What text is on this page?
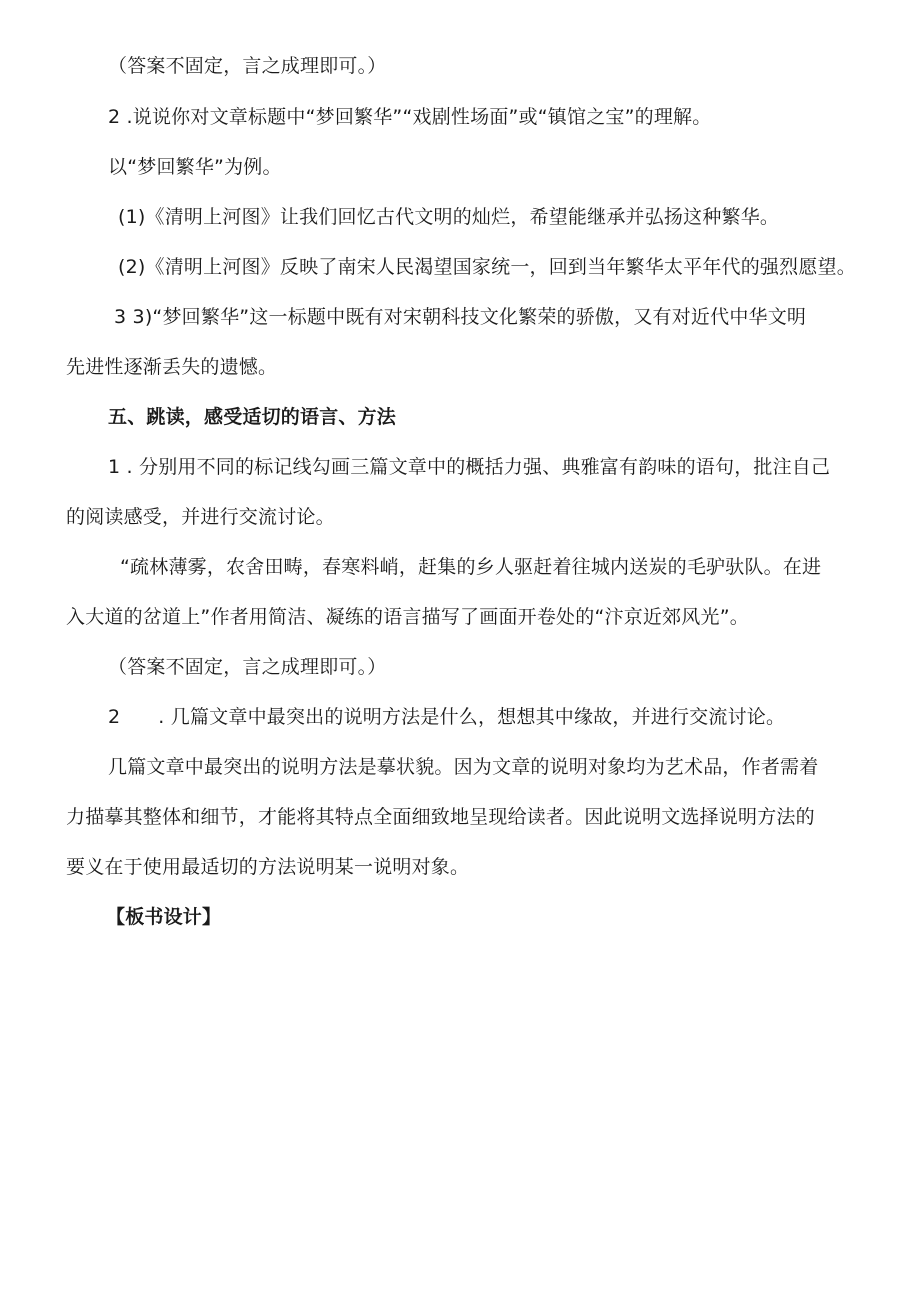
（答案不固定，言之成理即可。）
2 .说说你对文章标题中“梦回繁华”“戏剧性场面”或“镇馆之宝”的理解。
以“梦回繁华”为例。
(1)《清明上河图》让我们回忆古代文明的灿烂，希望能继承并弘扬这种繁华。
(2)《清明上河图》反映了南宋人民渴望国家统一，回到当年繁华太平年代的强烈愿望。
3 3)“梦回繁华”这一标题中既有对宋朝科技文化繁荣的骄傲，又有对近代中华文明
先进性逐渐丢失的遗憾。
五、跳读，感受适切的语言、方法
1 . 分别用不同的标记线勾画三篇文章中的概括力强、典雅富有韵味的语句，批注自己
的阅读感受，并进行交流讨论。
“疏林薄雾，农舍田畴，春寒料峭，赶集的乡人驱赶着往城内送炭的毛驴驮队。在进
入大道的岔道上”作者用简洁、凝练的语言描写了画面开卷处的“汴京近郊风光”。
（答案不固定，言之成理即可。）
2 . 几篇文章中最突出的说明方法是什么，想想其中缘故，并进行交流讨论。
几篇文章中最突出的说明方法是摹状貌。因为文章的说明对象均为艺术品，作者需着
力描摹其整体和细节，才能将其特点全面细致地呈现给读者。因此说明文选择说明方法的
要义在于使用最适切的方法说明某一说明对象。
【板书设计】
